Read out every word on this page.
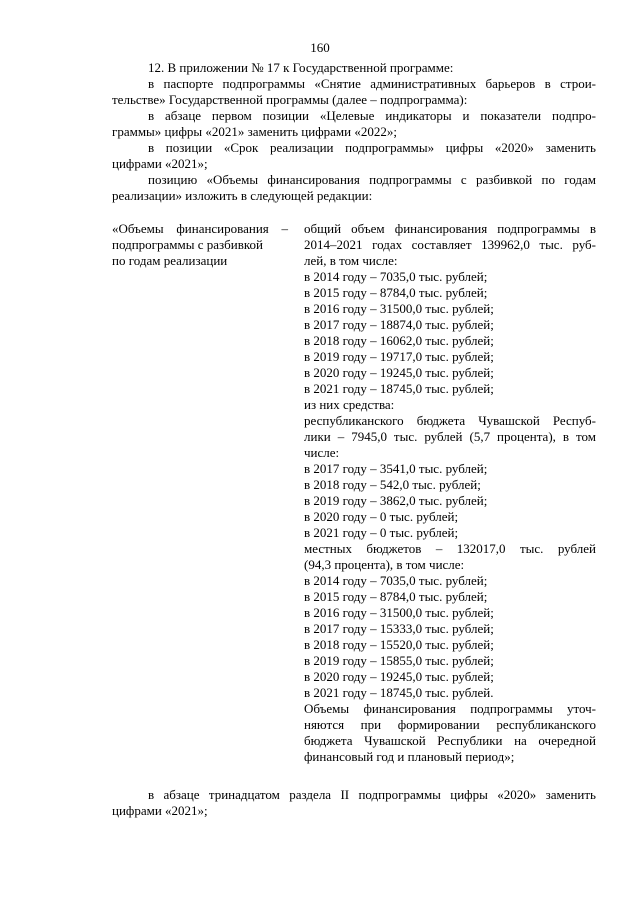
160
12. В приложении № 17 к Государственной программе:
в паспорте подпрограммы «Снятие административных барьеров в строи-
тельстве» Государственной программы (далее – подпрограмма):
в абзаце первом позиции «Целевые индикаторы и показатели подпро-
граммы» цифры «2021» заменить цифрами «2022»;
в позиции «Срок реализации подпрограммы» цифры «2020» заменить
цифрами «2021»;
позицию «Объемы финансирования подпрограммы с разбивкой по годам
реализации» изложить в следующей редакции:
«Объемы финансирования –
подпрограммы с разбивкой
по годам реализации
общий объем финансирования подпрограммы в
2014–2021 годах составляет 139962,0 тыс. руб-
лей, в том числе:
в 2014 году – 7035,0 тыс. рублей;
в 2015 году – 8784,0 тыс. рублей;
в 2016 году – 31500,0 тыс. рублей;
в 2017 году – 18874,0 тыс. рублей;
в 2018 году – 16062,0 тыс. рублей;
в 2019 году – 19717,0 тыс. рублей;
в 2020 году – 19245,0 тыс. рублей;
в 2021 году – 18745,0 тыс. рублей;
из них средства:
республиканского бюджета Чувашской Респуб-
лики – 7945,0 тыс. рублей (5,7 процента), в том
числе:
в 2017 году – 3541,0 тыс. рублей;
в 2018 году – 542,0 тыс. рублей;
в 2019 году – 3862,0 тыс. рублей;
в 2020 году – 0 тыс. рублей;
в 2021 году – 0 тыс. рублей;
местных бюджетов – 132017,0 тыс. рублей
(94,3 процента), в том числе:
в 2014 году – 7035,0 тыс. рублей;
в 2015 году – 8784,0 тыс. рублей;
в 2016 году – 31500,0 тыс. рублей;
в 2017 году – 15333,0 тыс. рублей;
в 2018 году – 15520,0 тыс. рублей;
в 2019 году – 15855,0 тыс. рублей;
в 2020 году – 19245,0 тыс. рублей;
в 2021 году – 18745,0 тыс. рублей.
Объемы финансирования подпрограммы уточ-
няются при формировании республиканского
бюджета Чувашской Республики на очередной
финансовый год и плановый период»;
в абзаце тринадцатом раздела II подпрограммы цифры «2020» заменить
цифрами «2021»;
